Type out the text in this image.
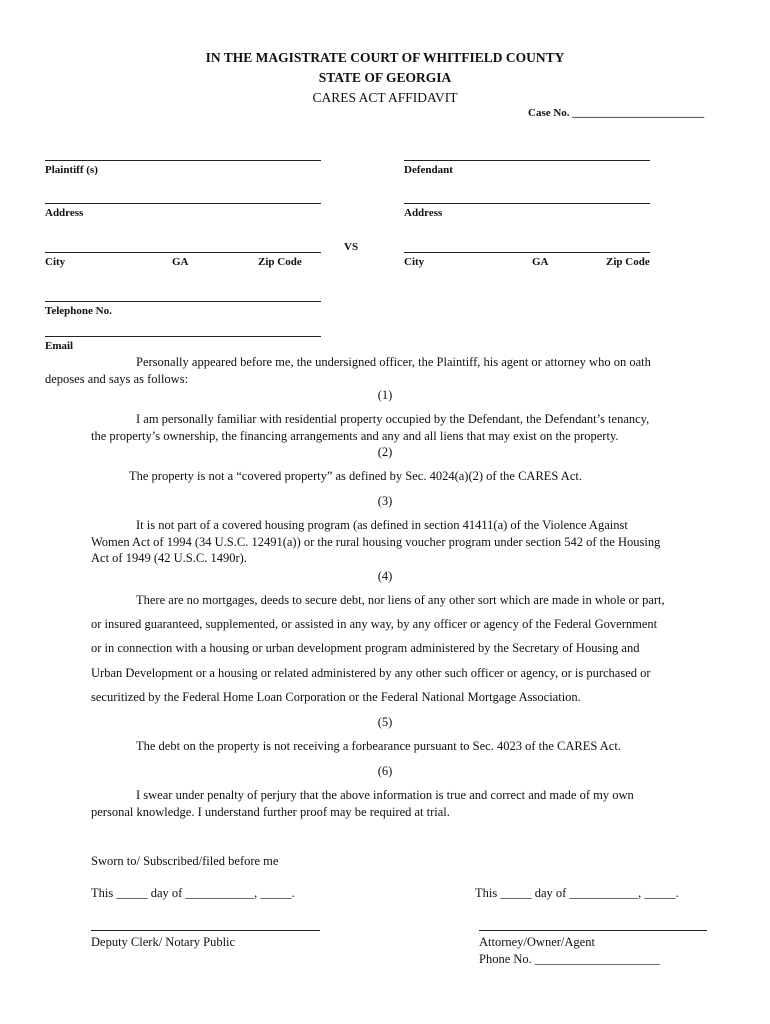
IN THE MAGISTRATE COURT OF WHITFIELD COUNTY
STATE OF GEORGIA
CARES ACT AFFIDAVIT
Case No. ________________________
Plaintiff (s)
Address
City	GA	Zip Code
Telephone No.
Email
VS
Defendant
Address
City	GA	Zip Code
Personally appeared before me, the undersigned officer, the Plaintiff, his agent or attorney who on oath
deposes and says as follows:
(1)
I am personally familiar with residential property occupied by the Defendant, the Defendant’s tenancy,
the property’s ownership, the financing arrangements and any and all liens that may exist on the property.
(2)
The property is not a “covered property” as defined by Sec. 4024(a)(2) of the CARES Act.
(3)
It is not part of a covered housing program (as defined in section 41411(a) of the Violence Against
Women Act of 1994 (34 U.S.C. 12491(a)) or the rural housing voucher program under section 542 of the Housing
Act of 1949 (42 U.S.C. 1490r).
(4)
There are no mortgages, deeds to secure debt, nor liens of any other sort which are made in whole or part,
or insured guaranteed, supplemented, or assisted in any way, by any officer or agency of the Federal Government
or in connection with a housing or urban development program administered by the Secretary of Housing and
Urban Development or a housing or related administered by any other such officer or agency, or is purchased or
securitized by the Federal Home Loan Corporation or the Federal National Mortgage Association.
(5)
The debt on the property is not receiving a forbearance pursuant to Sec. 4023 of the CARES Act.
(6)
I swear under penalty of perjury that the above information is true and correct and made of my own
personal knowledge. I understand further proof may be required at trial.
Sworn to/ Subscribed/filed before me
This _____ day of ___________, _____.	This _____ day of ___________, _____.
Deputy Clerk/ Notary Public	Attorney/Owner/Agent
Phone No. ____________________
